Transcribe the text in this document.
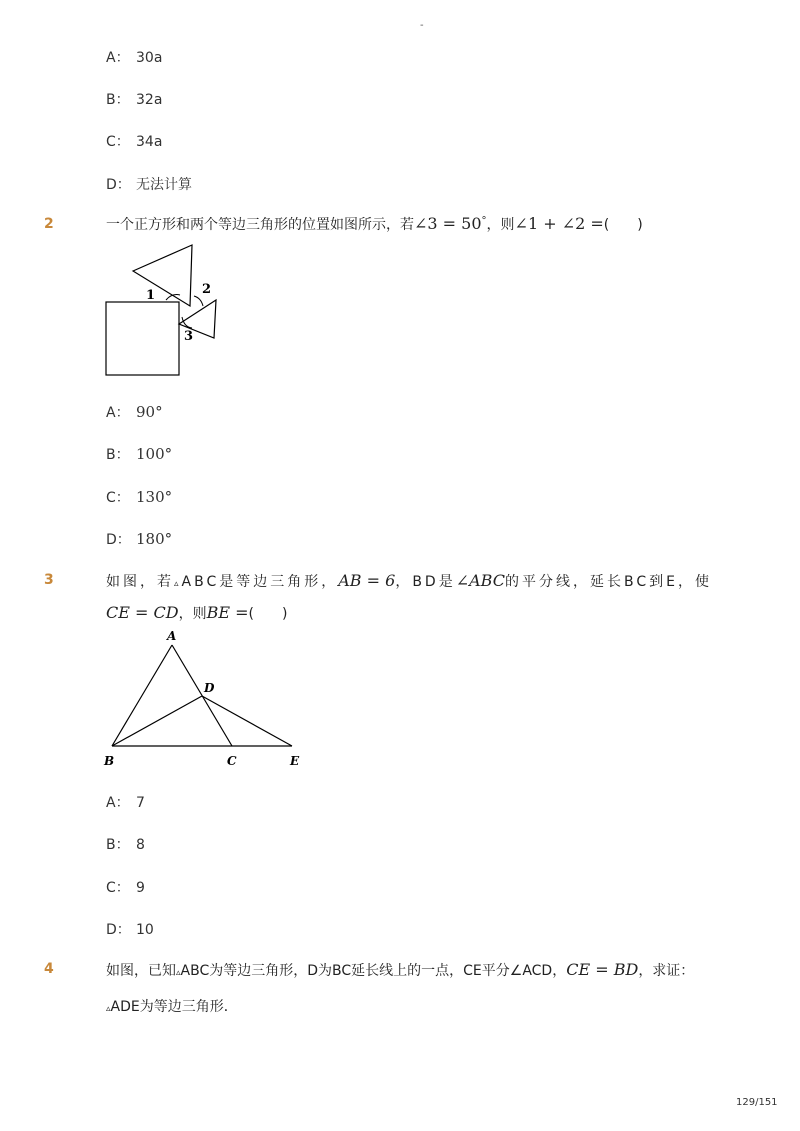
-
A： 30a
B： 32a
C： 34a
D： 无法计算
2	一个正方形和两个等边三角形的位置如图所示，若∠3 = 50°，则∠1 + ∠2 =(　　)
1	2
3
A： 90°
B： 100°
C： 130°
D： 180°
3	如图，若▵ABC是等边三角形，AB = 6，BD是∠ABC的平分线，延长BC到E，使
CE = CD，则BE =(　　)
A
D
B	C	E
A： 7
B： 8
C： 9
D： 10
4	如图，已知▵ABC为等边三角形，D为BC延长线上的一点，CE平分∠ACD，CE = BD，求证：
▵ADE为等边三角形．
129/151
